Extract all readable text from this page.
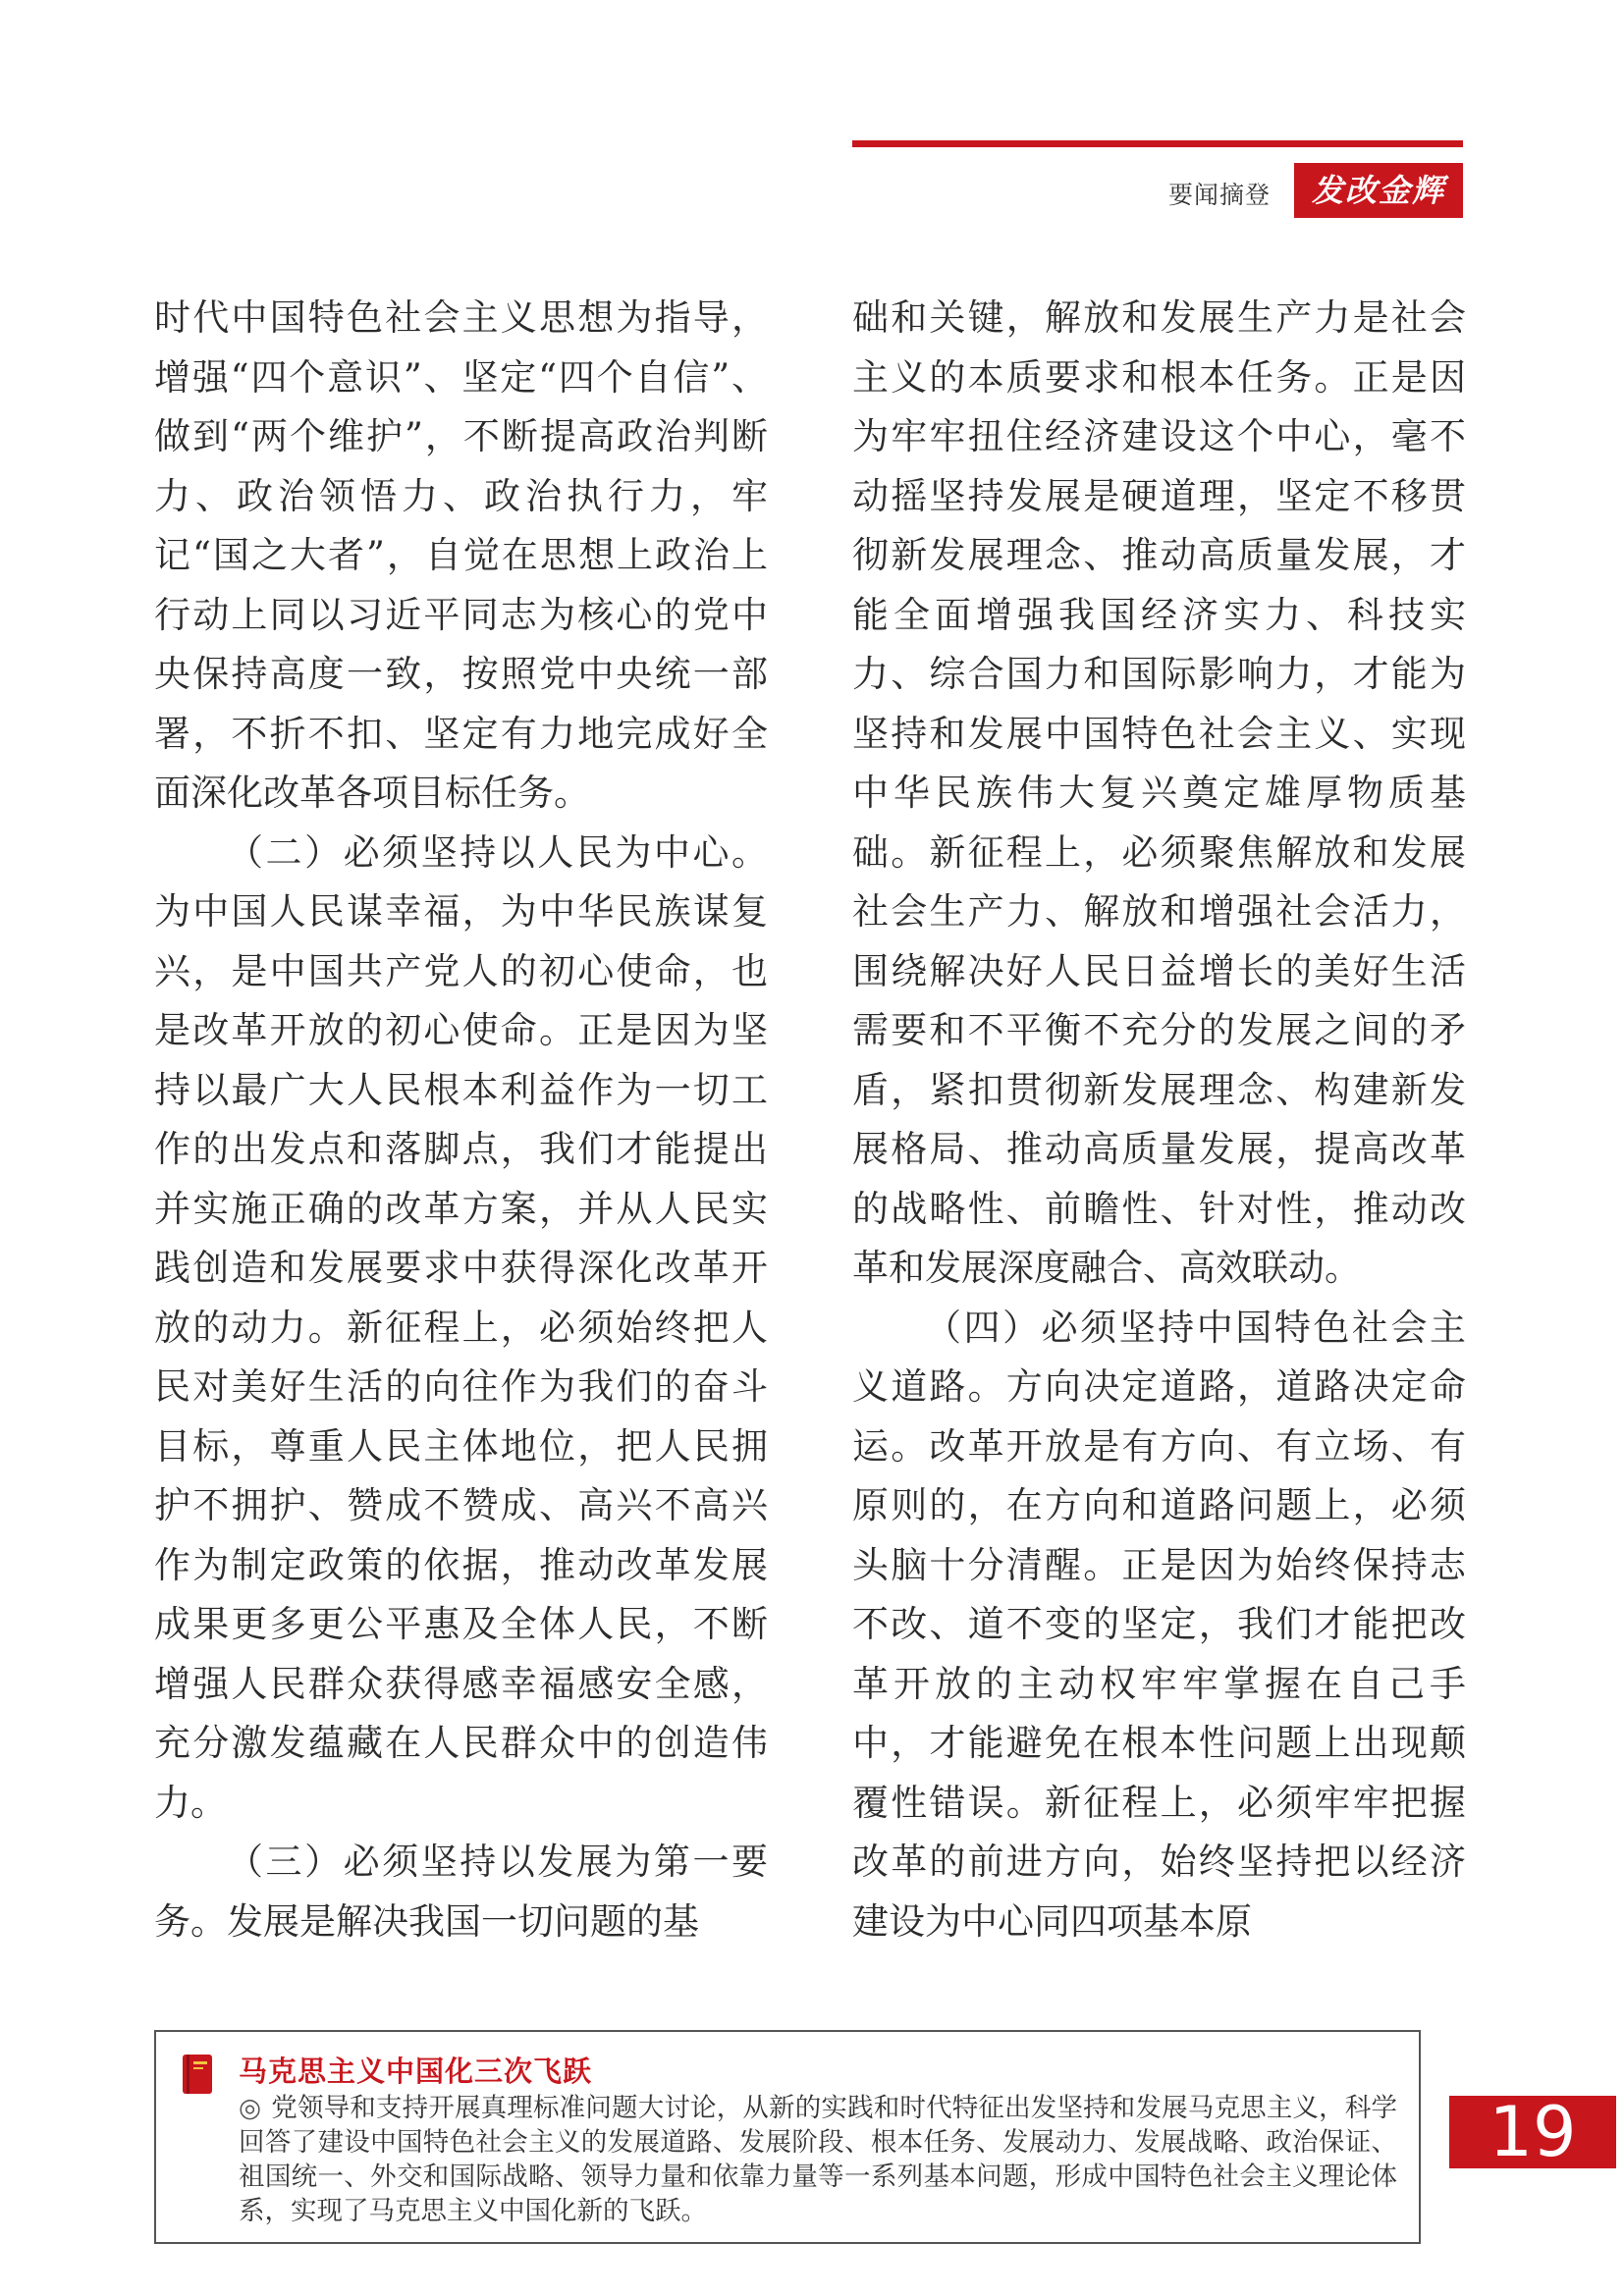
要闻摘登	发改金辉

时代中国特色社会主义思想为指导，增强“四个意识”、坚定“四个自信”、做到“两个维护”，不断提高政治判断力、政治领悟力、政治执行力，牢记“国之大者”，自觉在思想上政治上行动上同以习近平同志为核心的党中央保持高度一致，按照党中央统一部署，不折不扣、坚定有力地完成好全面深化改革各项目标任务。

（二）必须坚持以人民为中心。为中国人民谋幸福，为中华民族谋复兴，是中国共产党人的初心使命，也是改革开放的初心使命。正是因为坚持以最广大人民根本利益作为一切工作的出发点和落脚点，我们才能提出并实施正确的改革方案，并从人民实践创造和发展要求中获得深化改革开放的动力。新征程上，必须始终把人民对美好生活的向往作为我们的奋斗目标，尊重人民主体地位，把人民拥护不拥护、赞成不赞成、高兴不高兴作为制定政策的依据，推动改革发展成果更多更公平惠及全体人民，不断增强人民群众获得感幸福感安全感，充分激发蕴藏在人民群众中的创造伟力。

（三）必须坚持以发展为第一要务。发展是解决我国一切问题的基

础和关键，解放和发展生产力是社会主义的本质要求和根本任务。正是因为牢牢扭住经济建设这个中心，毫不动摇坚持发展是硬道理，坚定不移贯彻新发展理念、推动高质量发展，才能全面增强我国经济实力、科技实力、综合国力和国际影响力，才能为坚持和发展中国特色社会主义、实现中华民族伟大复兴奠定雄厚物质基础。新征程上，必须聚焦解放和发展社会生产力、解放和增强社会活力，围绕解决好人民日益增长的美好生活需要和不平衡不充分的发展之间的矛盾，紧扣贯彻新发展理念、构建新发展格局、推动高质量发展，提高改革的战略性、前瞻性、针对性，推动改革和发展深度融合、高效联动。

（四）必须坚持中国特色社会主义道路。方向决定道路，道路决定命运。改革开放是有方向、有立场、有原则的，在方向和道路问题上，必须头脑十分清醒。正是因为始终保持志不改、道不变的坚定，我们才能把改革开放的主动权牢牢掌握在自己手中，才能避免在根本性问题上出现颠覆性错误。新征程上，必须牢牢把握改革的前进方向，始终坚持把以经济建设为中心同四项基本原

马克思主义中国化三次飞跃

◎ 党领导和支持开展真理标准问题大讨论，从新的实践和时代特征出发坚持和发展马克思主义，科学回答了建设中国特色社会主义的发展道路、发展阶段、根本任务、发展动力、发展战略、政治保证、祖国统一、外交和国际战略、领导力量和依靠力量等一系列基本问题，形成中国特色社会主义理论体系，实现了马克思主义中国化新的飞跃。

19
